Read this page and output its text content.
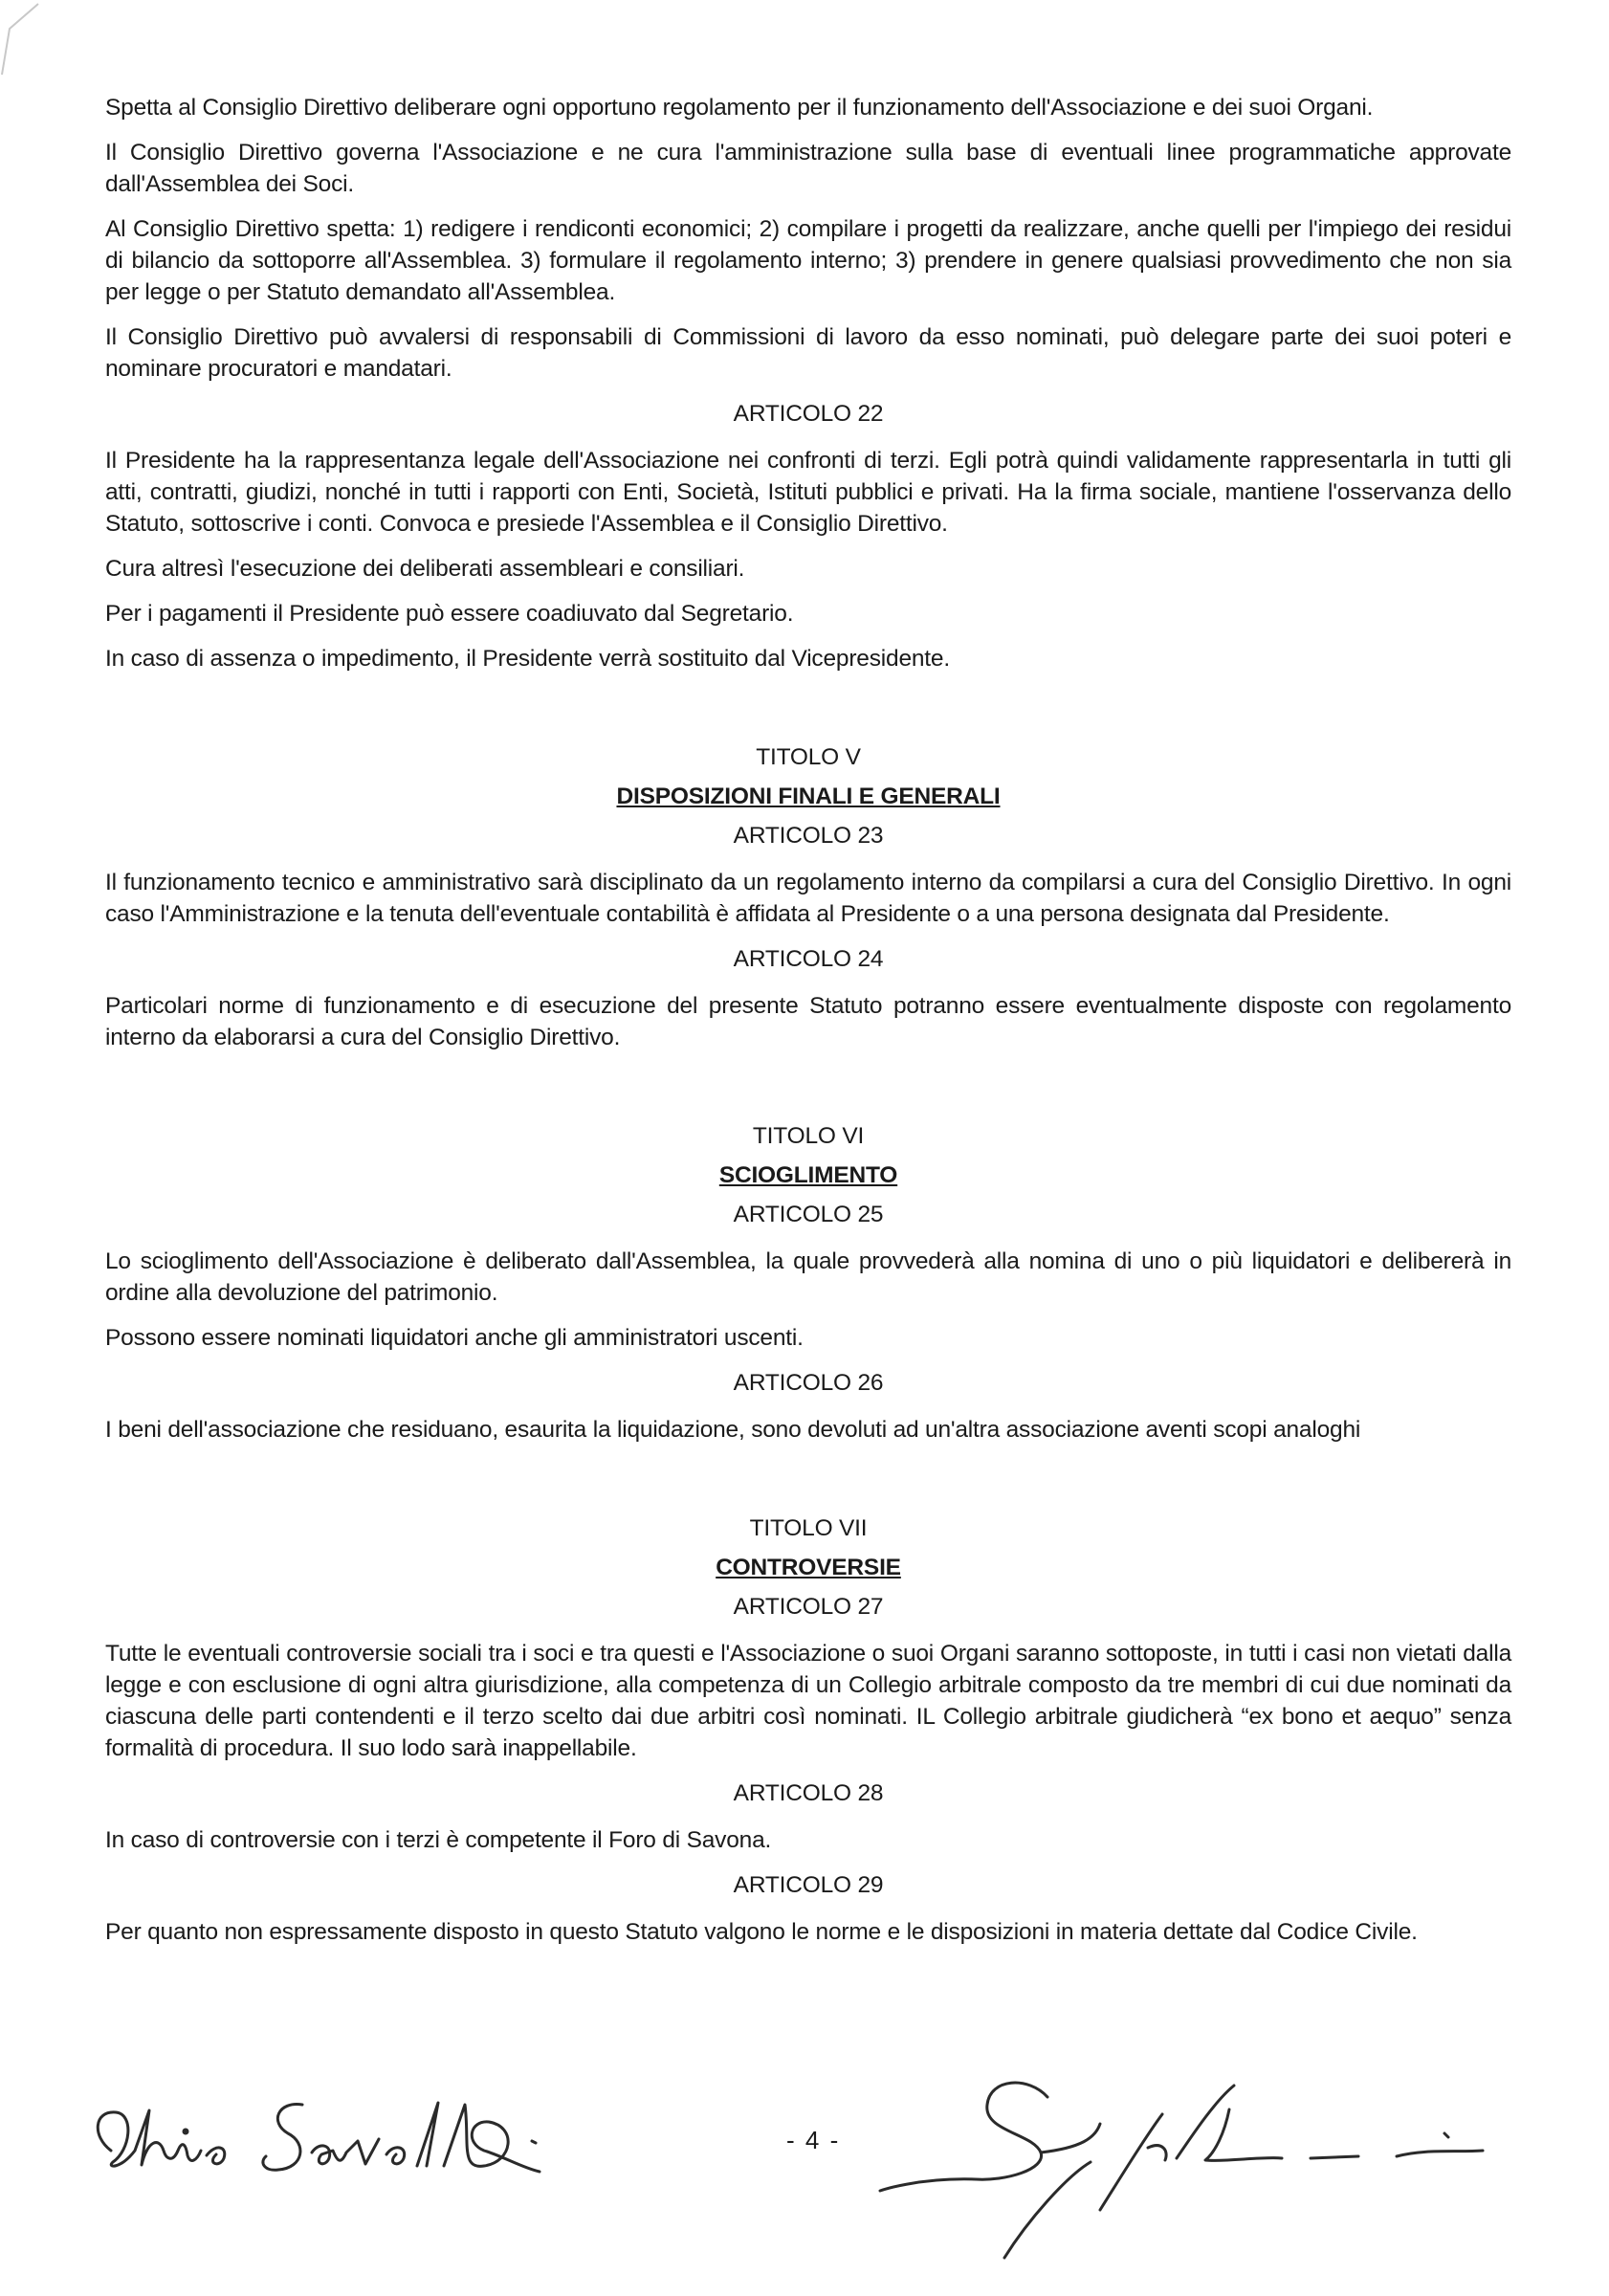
Spetta al Consiglio Direttivo deliberare ogni opportuno regolamento per il funzionamento dell'Associazione e dei suoi Organi.

Il Consiglio Direttivo governa l'Associazione e ne cura l'amministrazione sulla base di eventuali linee programmatiche approvate dall'Assemblea dei Soci.

Al Consiglio Direttivo spetta: 1) redigere i rendiconti economici; 2) compilare i progetti da realizzare, anche quelli per l'impiego dei residui di bilancio da sottoporre all'Assemblea. 3) formulare il regolamento interno; 3) prendere in genere qualsiasi provvedimento che non sia per legge o per Statuto demandato all'Assemblea.

Il Consiglio Direttivo può avvalersi di responsabili di Commissioni di lavoro da esso nominati, può delegare parte dei suoi poteri e nominare procuratori e mandatari.

ARTICOLO 22

Il Presidente ha la rappresentanza legale dell'Associazione nei confronti di terzi. Egli potrà quindi validamente rappresentarla in tutti gli atti, contratti, giudizi, nonché in tutti i rapporti con Enti, Società, Istituti pubblici e privati. Ha la firma sociale, mantiene l'osservanza dello Statuto, sottoscrive i conti. Convoca e presiede l'Assemblea e il Consiglio Direttivo.

Cura altresì l'esecuzione dei deliberati assembleari e consiliari.

Per i pagamenti il Presidente può essere coadiuvato dal Segretario.

In caso di assenza o impedimento, il Presidente verrà sostituito dal Vicepresidente.

TITOLO V

DISPOSIZIONI FINALI E GENERALI

ARTICOLO 23

Il funzionamento tecnico e amministrativo sarà disciplinato da un regolamento interno da compilarsi a cura del Consiglio Direttivo. In ogni caso l'Amministrazione e la tenuta dell'eventuale contabilità è affidata al Presidente o a una persona designata dal Presidente.

ARTICOLO 24

Particolari norme di funzionamento e di esecuzione del presente Statuto potranno essere eventualmente disposte con regolamento interno da elaborarsi a cura del Consiglio Direttivo.

TITOLO VI

SCIOGLIMENTO

ARTICOLO 25

Lo scioglimento dell'Associazione è deliberato dall'Assemblea, la quale provvederà alla nomina di uno o più liquidatori e delibererà in ordine alla devoluzione del patrimonio.

Possono essere nominati liquidatori anche gli amministratori uscenti.

ARTICOLO 26

I beni dell'associazione che residuano, esaurita la liquidazione, sono devoluti ad un'altra associazione aventi scopi analoghi

TITOLO VII

CONTROVERSIE

ARTICOLO 27

Tutte le eventuali controversie sociali tra i soci e tra questi e l'Associazione o suoi Organi saranno sottoposte, in tutti i casi non vietati dalla legge e con esclusione di ogni altra giurisdizione, alla competenza di un Collegio arbitrale composto da tre membri di cui due nominati da ciascuna delle parti contendenti e il terzo scelto dai due arbitri così nominati. IL Collegio arbitrale giudicherà “ex bono et aequo” senza formalità di procedura. Il suo lodo sarà inappellabile.

ARTICOLO 28

In caso di controversie con i terzi è competente il Foro di Savona.

ARTICOLO 29

Per quanto non espressamente disposto in questo Statuto valgono le norme e le disposizioni in materia dettate dal Codice Civile.

- 4 -
